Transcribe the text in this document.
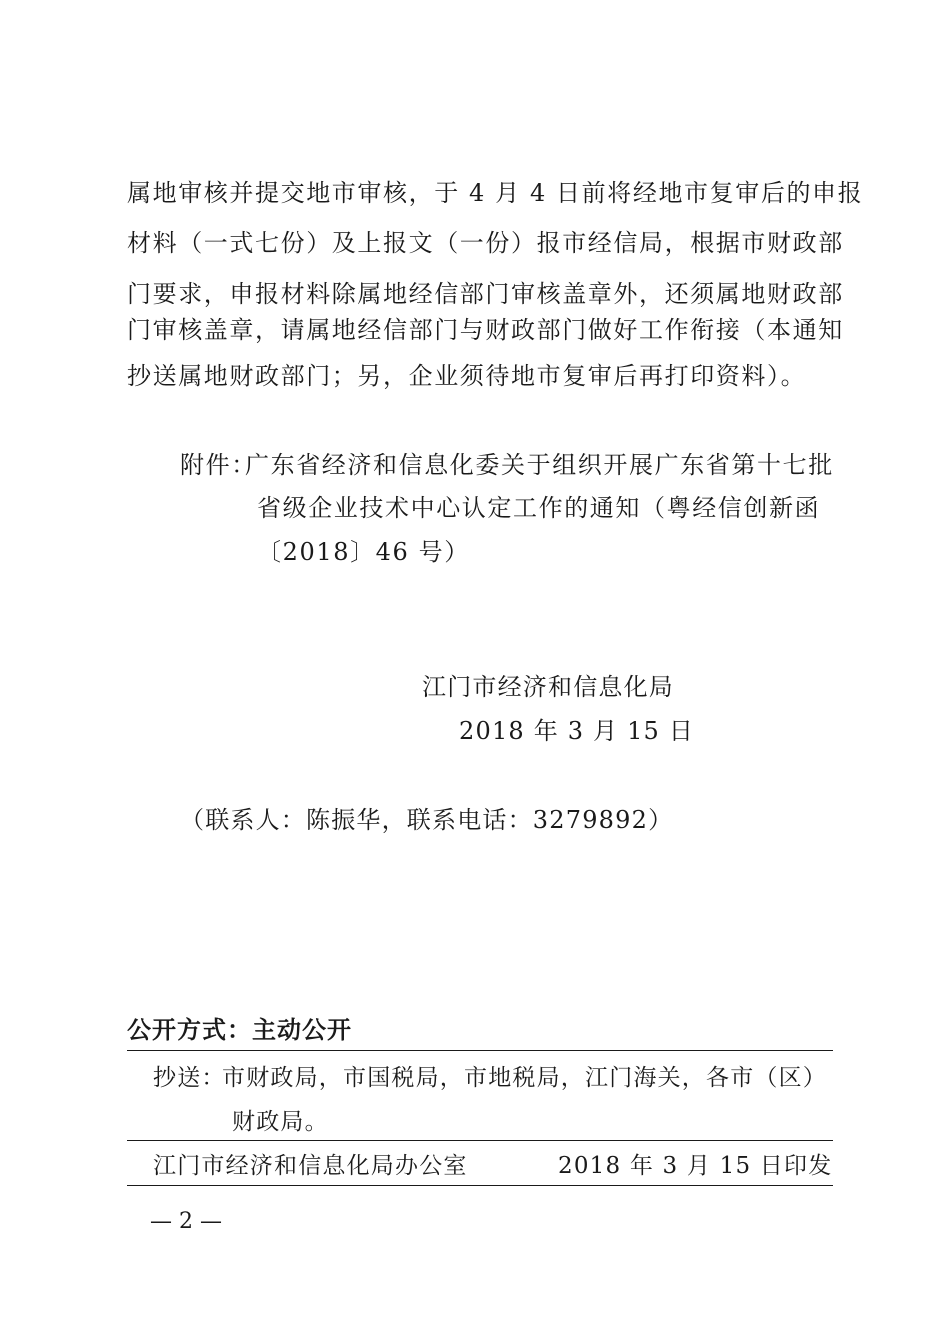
属地审核并提交地市审核，于 4 月 4 日前将经地市复审后的申报
材料（一式七份）及上报文（一份）报市经信局，根据市财政部
门要求，申报材料除属地经信部门审核盖章外，还须属地财政部
门审核盖章，请属地经信部门与财政部门做好工作衔接（本通知
抄送属地财政部门；另，企业须待地市复审后再打印资料）。
附件：
广东省经济和信息化委关于组织开展广东省第十七批
省级企业技术中心认定工作的通知（粤经信创新函
〔2018〕46 号）
江门市经济和信息化局
2018 年 3 月 15 日
（联系人：陈振华，联系电话：3279892）
公开方式：主动公开
抄送：
市财政局，市国税局，市地税局，江门海关，各市（区）
财政局。
江门市经济和信息化局办公室	2018 年 3 月 15 日印发
— 2 —
